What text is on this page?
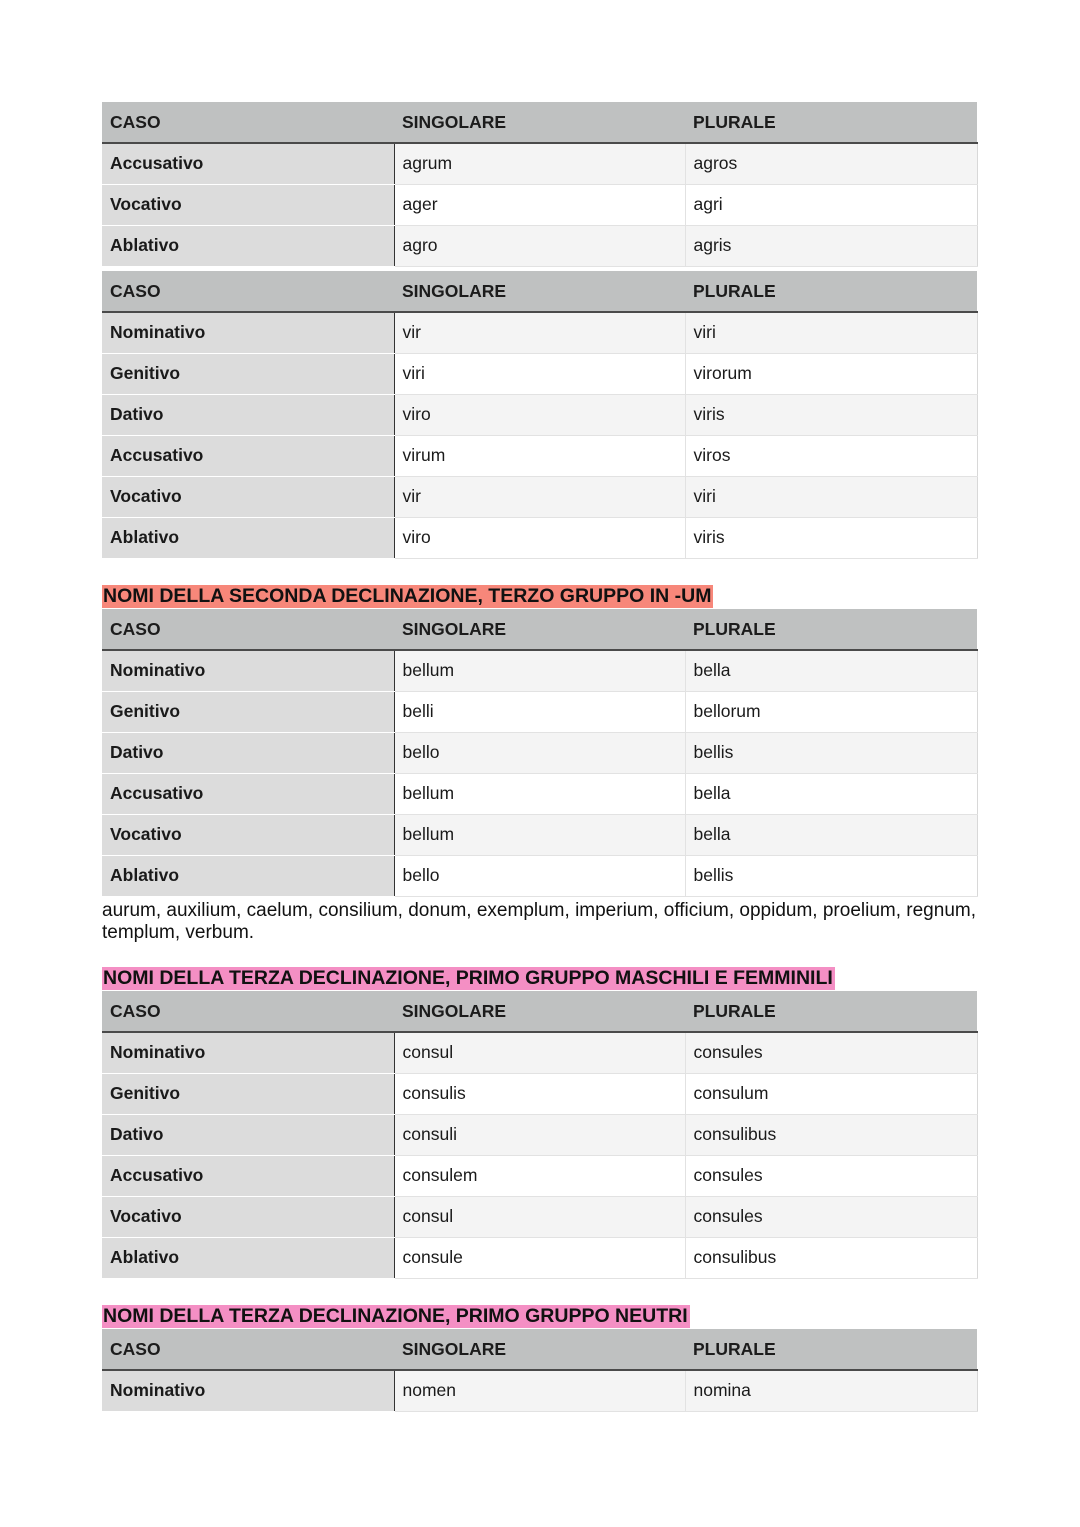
CASO	SINGOLARE	PLURALE
Accusativo	agrum	agros
Vocativo	ager	agri
Ablativo	agro	agris
CASO	SINGOLARE	PLURALE
Nominativo	vir	viri
Genitivo	viri	virorum
Dativo	viro	viris
Accusativo	virum	viros
Vocativo	vir	viri
Ablativo	viro	viris
NOMI DELLA SECONDA DECLINAZIONE, TERZO GRUPPO IN -UM
CASO	SINGOLARE	PLURALE
Nominativo	bellum	bella
Genitivo	belli	bellorum
Dativo	bello	bellis
Accusativo	bellum	bella
Vocativo	bellum	bella
Ablativo	bello	bellis
aurum, auxilium, caelum, consilium, donum, exemplum, imperium, officium, oppidum, proelium, regnum, templum, verbum.
NOMI DELLA TERZA DECLINAZIONE, PRIMO GRUPPO MASCHILI E FEMMINILI
CASO	SINGOLARE	PLURALE
Nominativo	consul	consules
Genitivo	consulis	consulum
Dativo	consuli	consulibus
Accusativo	consulem	consules
Vocativo	consul	consules
Ablativo	consule	consulibus
NOMI DELLA TERZA DECLINAZIONE, PRIMO GRUPPO NEUTRI
CASO	SINGOLARE	PLURALE
Nominativo	nomen	nomina
